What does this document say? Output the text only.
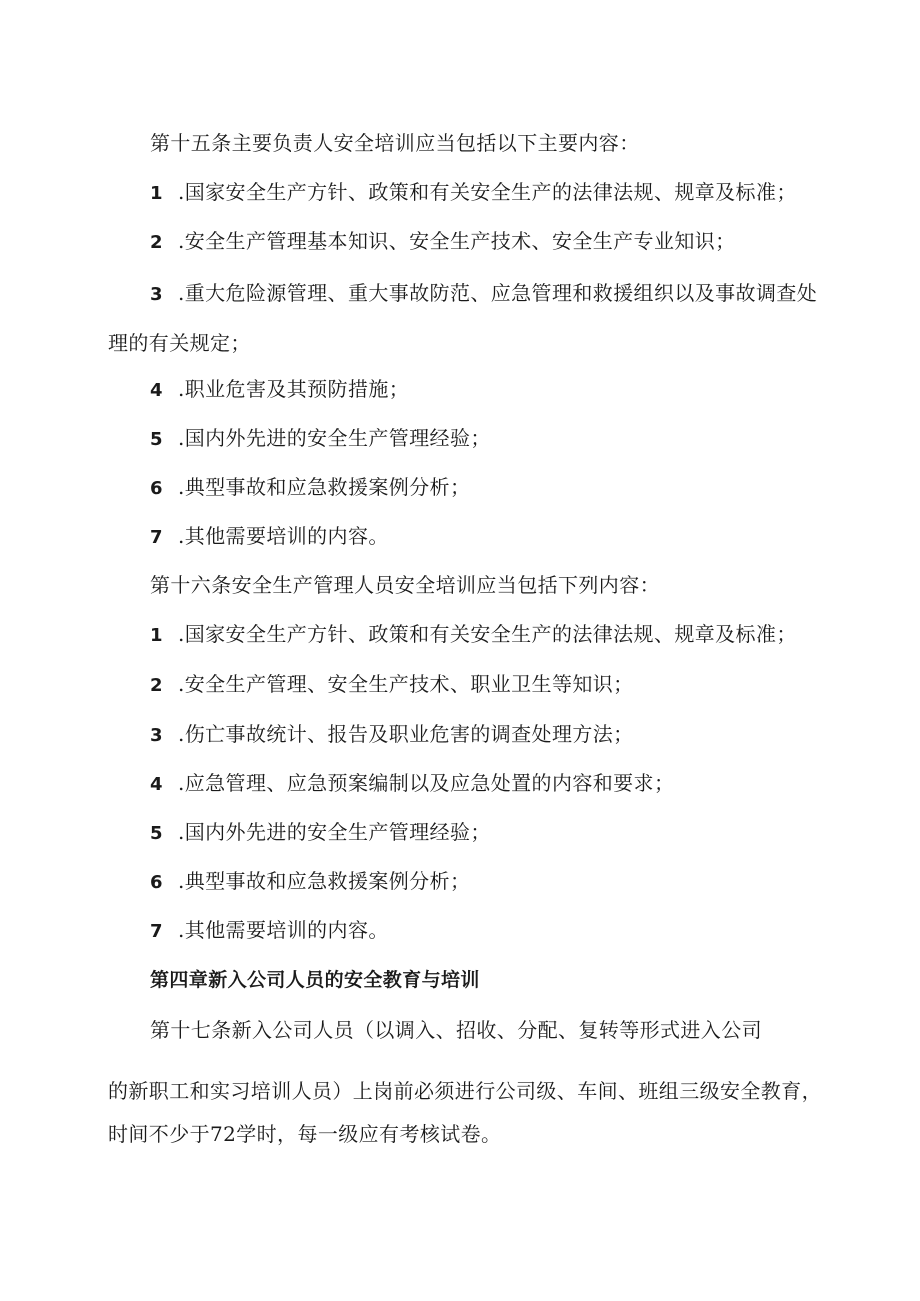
第十五条主要负责人安全培训应当包括以下主要内容：
1 .国家安全生产方针、政策和有关安全生产的法律法规、规章及标准；
2 .安全生产管理基本知识、安全生产技术、安全生产专业知识；
3 .重大危险源管理、重大事故防范、应急管理和救援组织以及事故调查处
理的有关规定；
4 .职业危害及其预防措施；
5 .国内外先进的安全生产管理经验；
6 .典型事故和应急救援案例分析；
7 .其他需要培训的内容。
第十六条安全生产管理人员安全培训应当包括下列内容：
1 .国家安全生产方针、政策和有关安全生产的法律法规、规章及标准；
2 .安全生产管理、安全生产技术、职业卫生等知识；
3 .伤亡事故统计、报告及职业危害的调查处理方法；
4 .应急管理、应急预案编制以及应急处置的内容和要求；
5 .国内外先进的安全生产管理经验；
6 .典型事故和应急救援案例分析；
7 .其他需要培训的内容。
第四章新入公司人员的安全教育与培训
第十七条新入公司人员（以调入、招收、分配、复转等形式进入公司
的新职工和实习培训人员）上岗前必须进行公司级、车间、班组三级安全教育，
时间不少于72学时，每一级应有考核试卷。
